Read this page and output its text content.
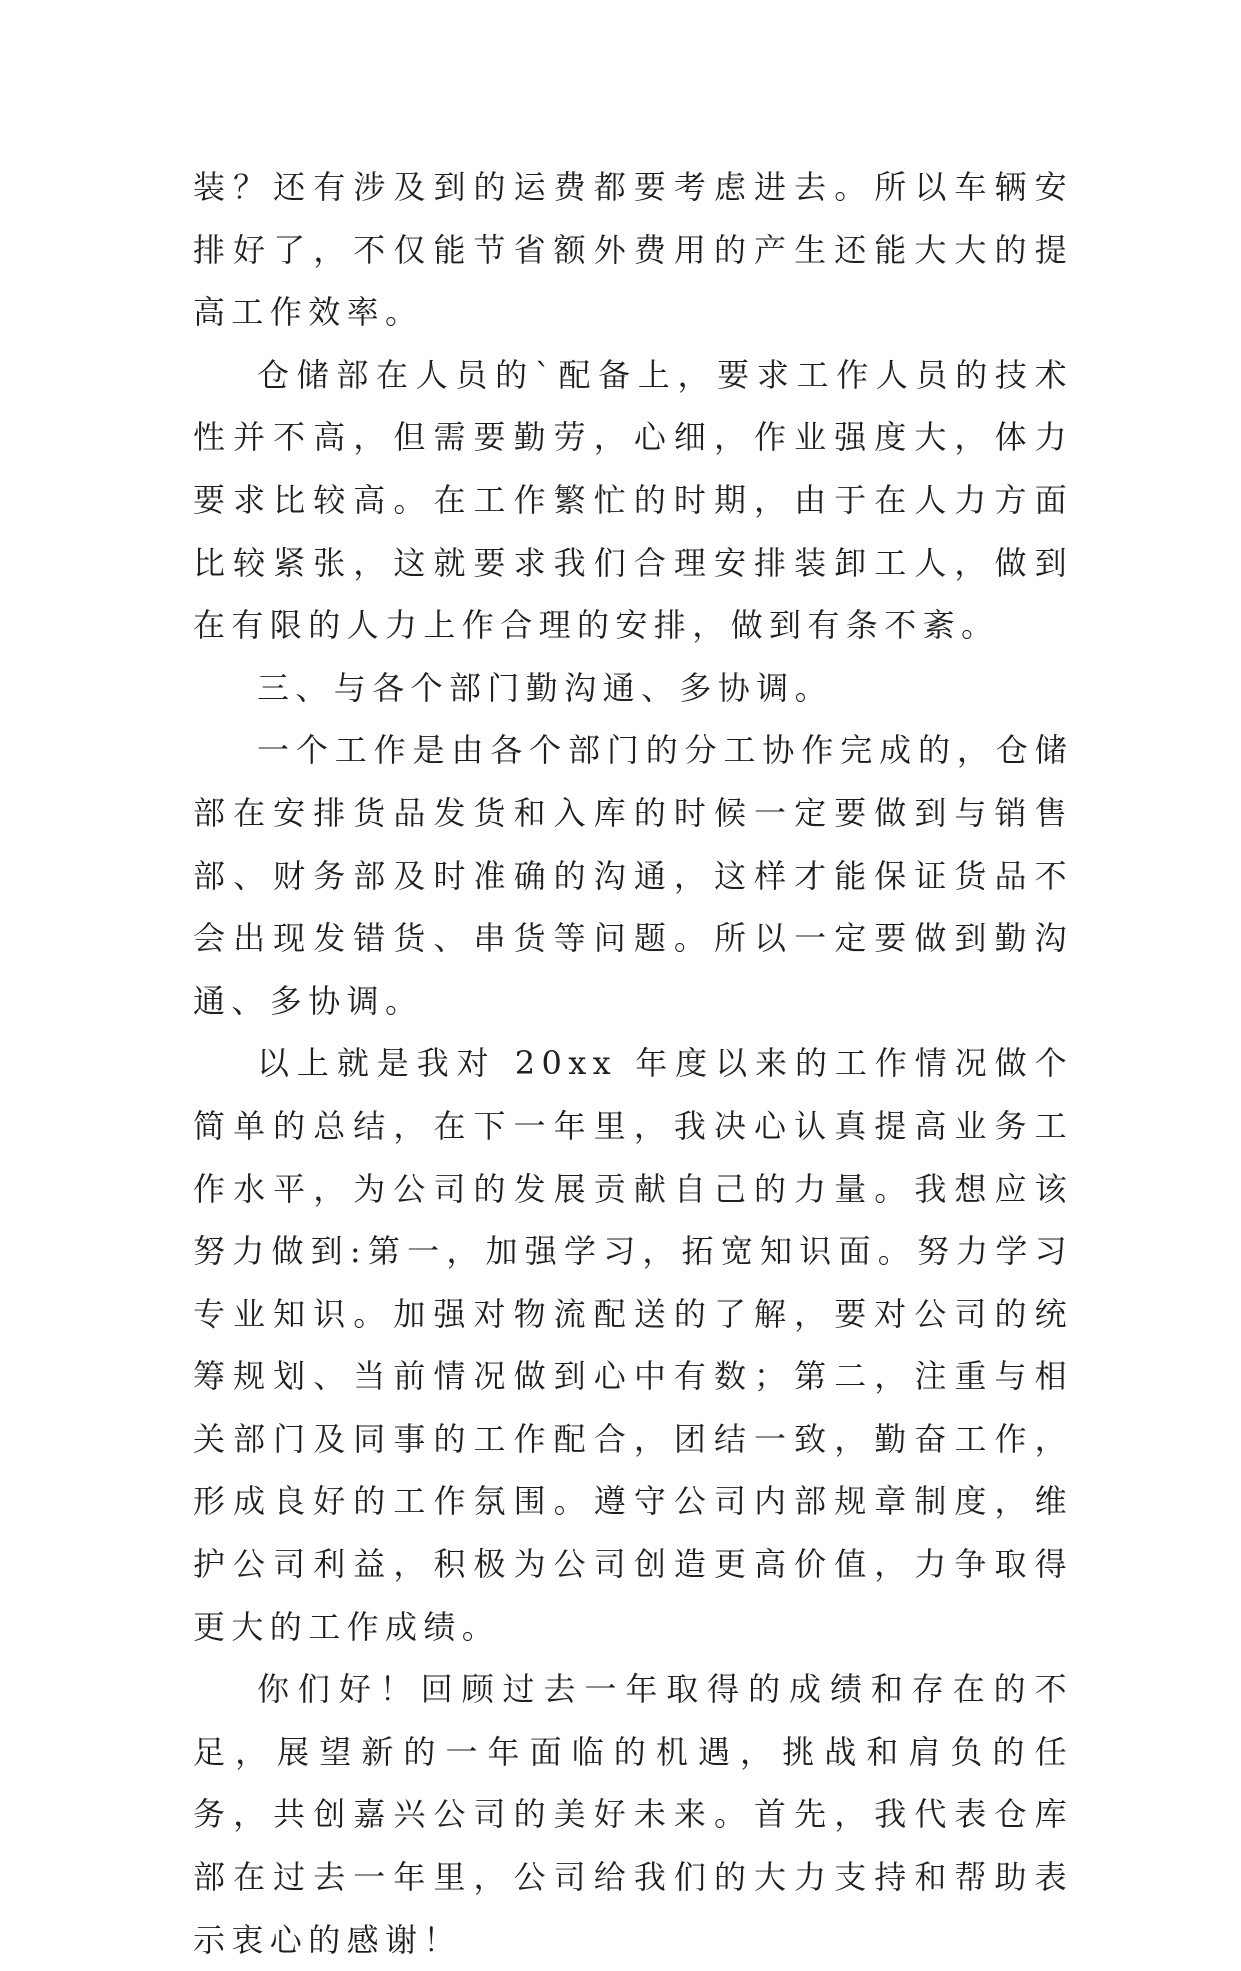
装？还有涉及到的运费都要考虑进去。所以车辆安排好了，不仅能节省额外费用的产生还能大大的提高工作效率。

仓储部在人员的`配备上，要求工作人员的技术性并不高，但需要勤劳，心细，作业强度大，体力要求比较高。在工作繁忙的时期，由于在人力方面比较紧张，这就要求我们合理安排装卸工人，做到在有限的人力上作合理的安排，做到有条不紊。

三、与各个部门勤沟通、多协调。

一个工作是由各个部门的分工协作完成的，仓储部在安排货品发货和入库的时候一定要做到与销售部、财务部及时准确的沟通，这样才能保证货品不会出现发错货、串货等问题。所以一定要做到勤沟通、多协调。

以上就是我对 20xx 年度以来的工作情况做个简单的总结，在下一年里，我决心认真提高业务工作水平，为公司的发展贡献自己的力量。我想应该努力做到:第一，加强学习，拓宽知识面。努力学习专业知识。加强对物流配送的了解，要对公司的统筹规划、当前情况做到心中有数；第二，注重与相关部门及同事的工作配合，团结一致，勤奋工作，形成良好的工作氛围。遵守公司内部规章制度，维护公司利益，积极为公司创造更高价值，力争取得更大的工作成绩。

你们好！回顾过去一年取得的成绩和存在的不足，展望新的一年面临的机遇，挑战和肩负的任务，共创嘉兴公司的美好未来。首先，我代表仓库部在过去一年里，公司给我们的大力支持和帮助表示衷心的感谢！
